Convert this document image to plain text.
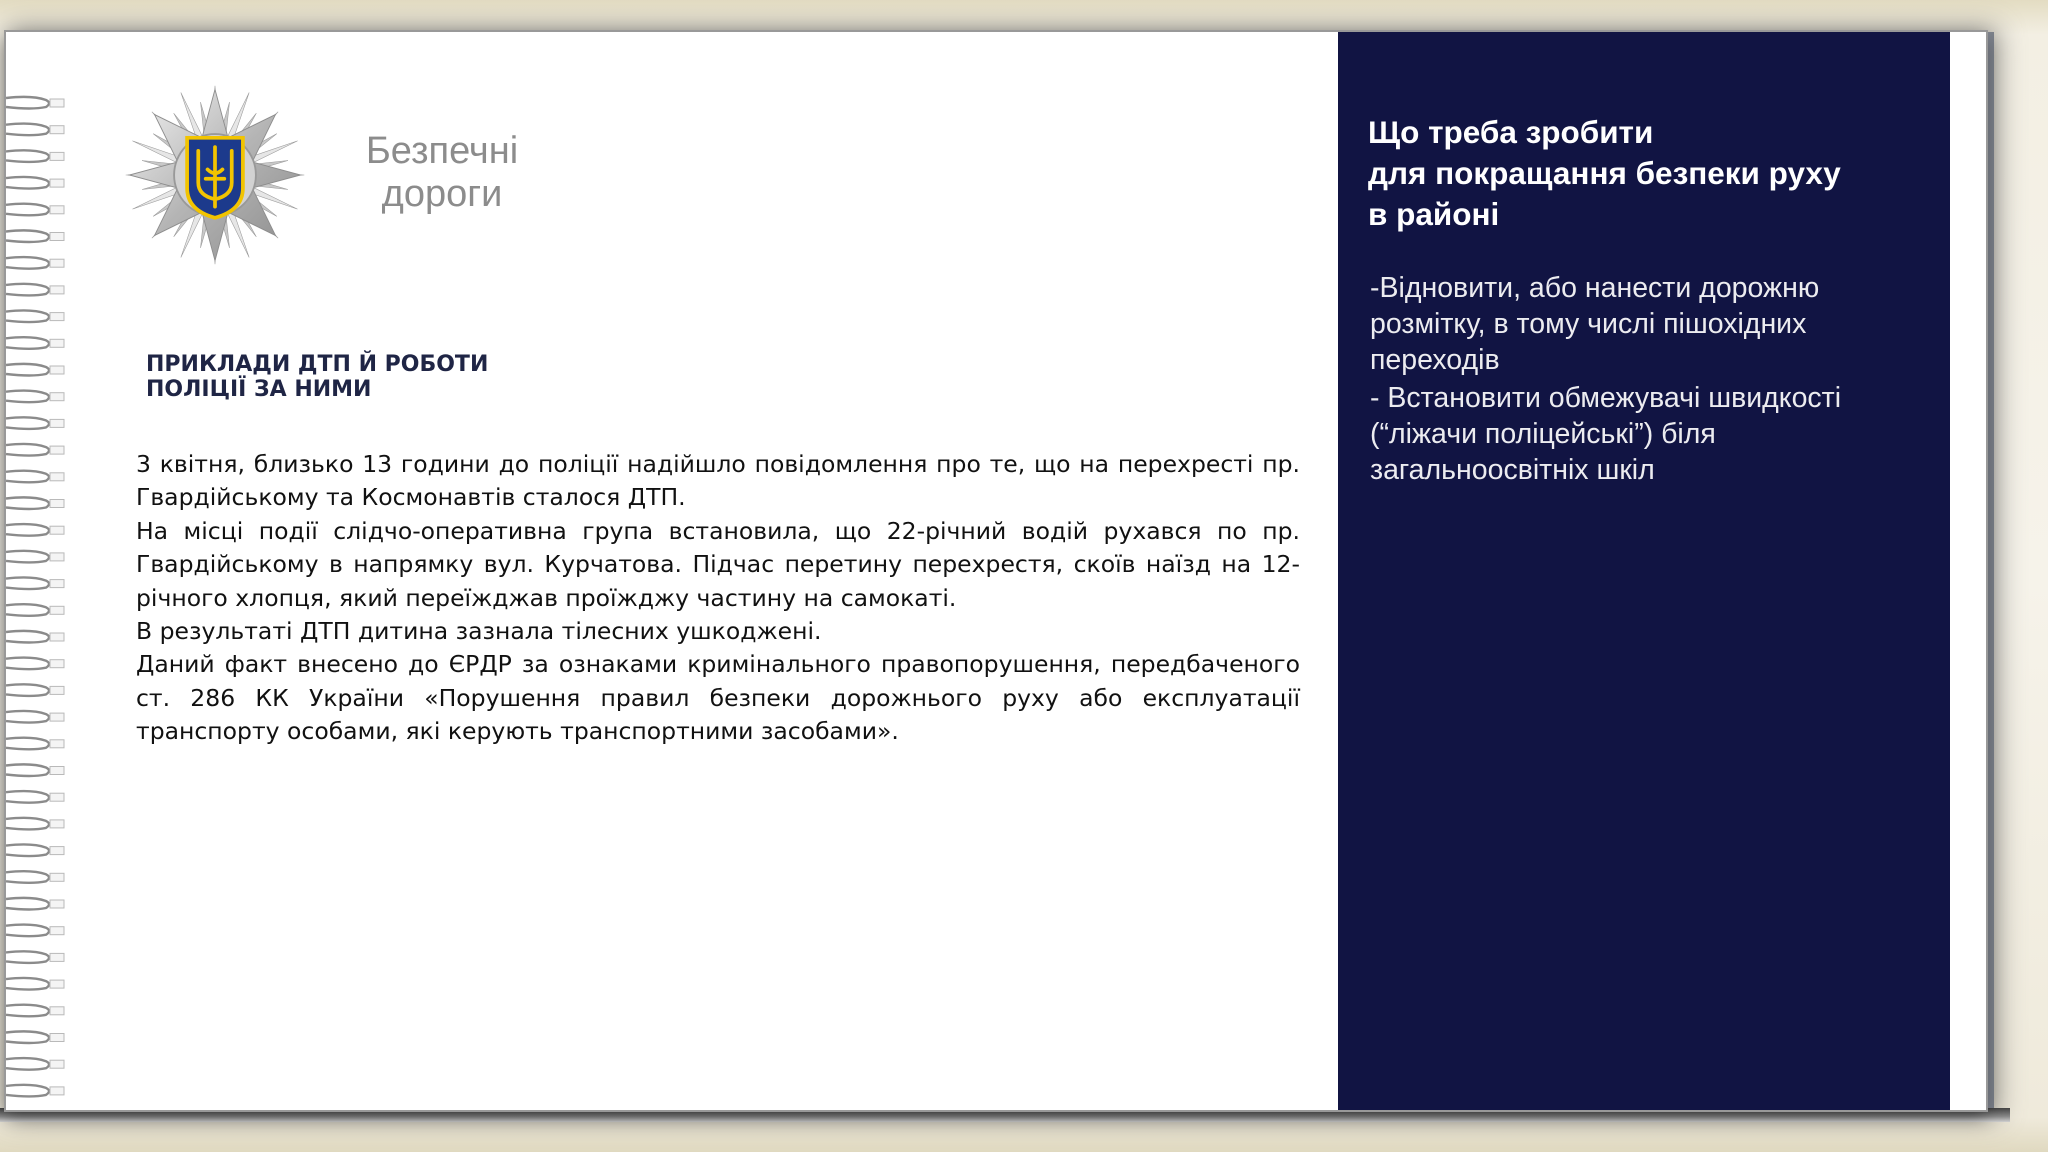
Безпечні
дороги
ПРИКЛАДИ ДТП Й РОБОТИ
ПОЛІЦІЇ ЗА НИМИ

3 квітня, близько 13 години до поліції надійшло повідомлення про те, що на перехресті пр. Гвардійському та Космонавтів сталося ДТП.

На місці події слідчо-оперативна група встановила, що 22-річний водій рухався по пр. Гвардійському в напрямку вул. Курчатова. Підчас перетину перехрестя, скоїв наїзд на 12-річного хлопця, який переїжджав проїжджу частину на самокаті.

В результаті ДТП дитина зазнала тілесних ушкоджені.

Даний факт внесено до ЄРДР за ознаками кримінального правопорушення, передбаченого ст. 286 КК України «Порушення правил безпеки дорожнього руху або експлуатації транспорту особами, які керують транспортними засобами».

Що треба зробити
для покращання безпеки руху
в районі

-Відновити, або нанести дорожню розмітку, в тому числі пішохідних переходів

- Встановити обмежувачі швидкості (“ліжачи поліцейські”) біля загальноосвітніх шкіл
